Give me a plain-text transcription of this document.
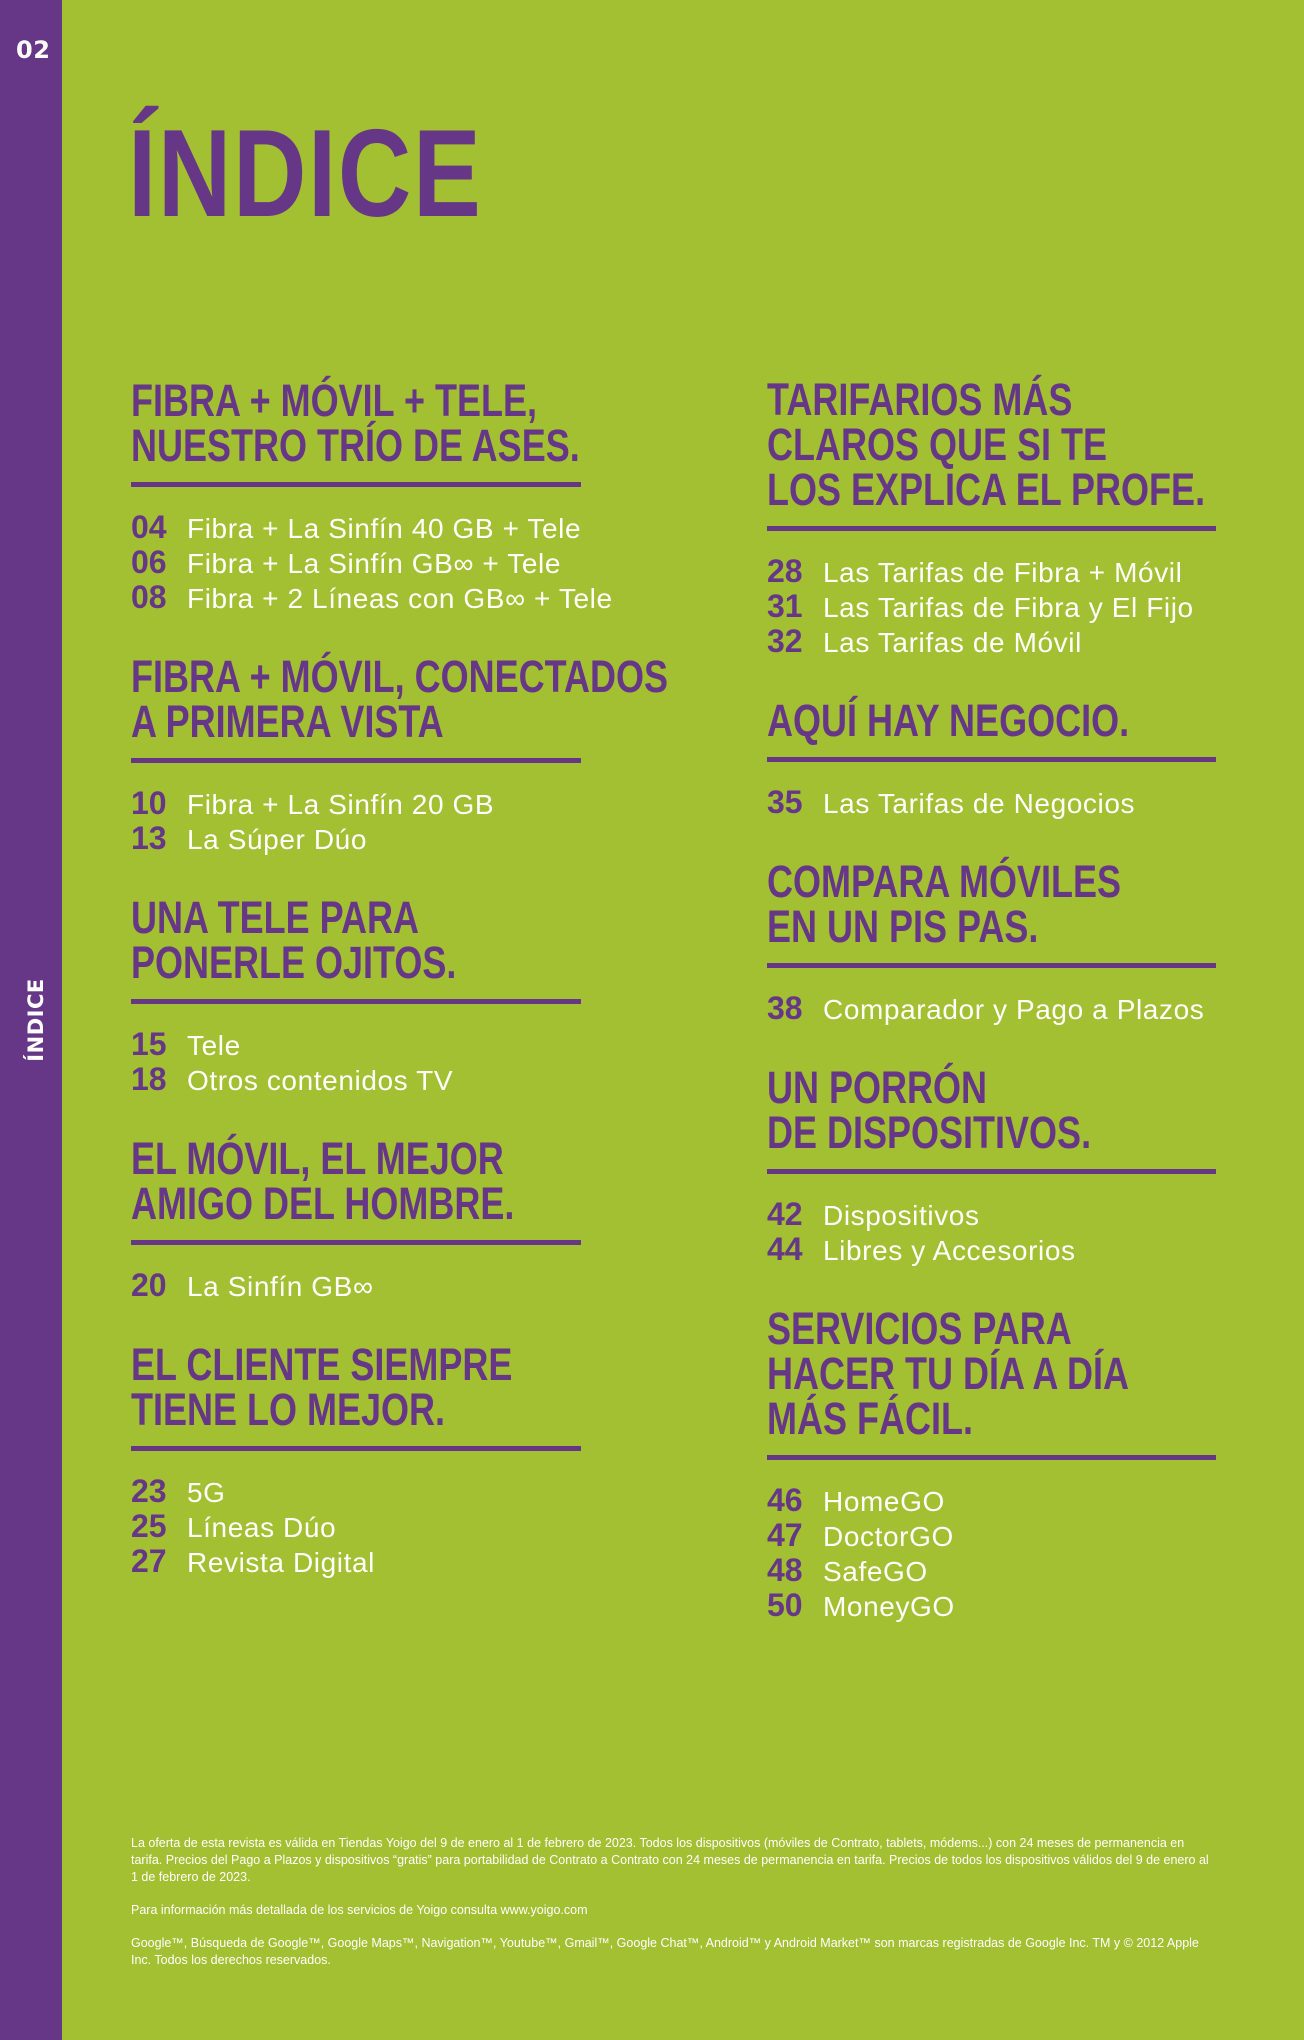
02
ÍNDICE
ÍNDICE
FIBRA + MÓVIL + TELE,
NUESTRO TRÍO DE ASES.
04 Fibra + La Sinfín 40 GB + Tele
06 Fibra + La Sinfín GB∞ + Tele
08 Fibra + 2 Líneas con GB∞ + Tele
FIBRA + MÓVIL, CONECTADOS
A PRIMERA VISTA
10 Fibra + La Sinfín 20 GB
13 La Súper Dúo
UNA TELE PARA
PONERLE OJITOS.
15 Tele
18 Otros contenidos TV
EL MÓVIL, EL MEJOR
AMIGO DEL HOMBRE.
20 La Sinfín GB∞
EL CLIENTE SIEMPRE
TIENE LO MEJOR.
23 5G
25 Líneas Dúo
27 Revista Digital
TARIFARIOS MÁS
CLAROS QUE SI TE
LOS EXPLICA EL PROFE.
28 Las Tarifas de Fibra + Móvil
31 Las Tarifas de Fibra y El Fijo
32 Las Tarifas de Móvil
AQUÍ HAY NEGOCIO.
35 Las Tarifas de Negocios
COMPARA MÓVILES
EN UN PIS PAS.
38 Comparador y Pago a Plazos
UN PORRÓN
DE DISPOSITIVOS.
42 Dispositivos
44 Libres y Accesorios
SERVICIOS PARA
HACER TU DÍA A DÍA
MÁS FÁCIL.
46 HomeGO
47 DoctorGO
48 SafeGO
50 MoneyGO

La oferta de esta revista es válida en Tiendas Yoigo del 9 de enero al 1 de febrero de 2023. Todos los dispositivos (móviles de Contrato, tablets, módems...) con 24 meses de permanencia en tarifa. Precios del Pago a Plazos y dispositivos “gratis” para portabilidad de Contrato a Contrato con 24 meses de permanencia en tarifa. Precios de todos los dispositivos válidos del 9 de enero al 1 de febrero de 2023.

Para información más detallada de los servicios de Yoigo consulta www.yoigo.com

Google™, Búsqueda de Google™, Google Maps™, Navigation™, Youtube™, Gmail™, Google Chat™, Android™ y Android Market™ son marcas registradas de Google Inc. TM y © 2012 Apple Inc. Todos los derechos reservados.
